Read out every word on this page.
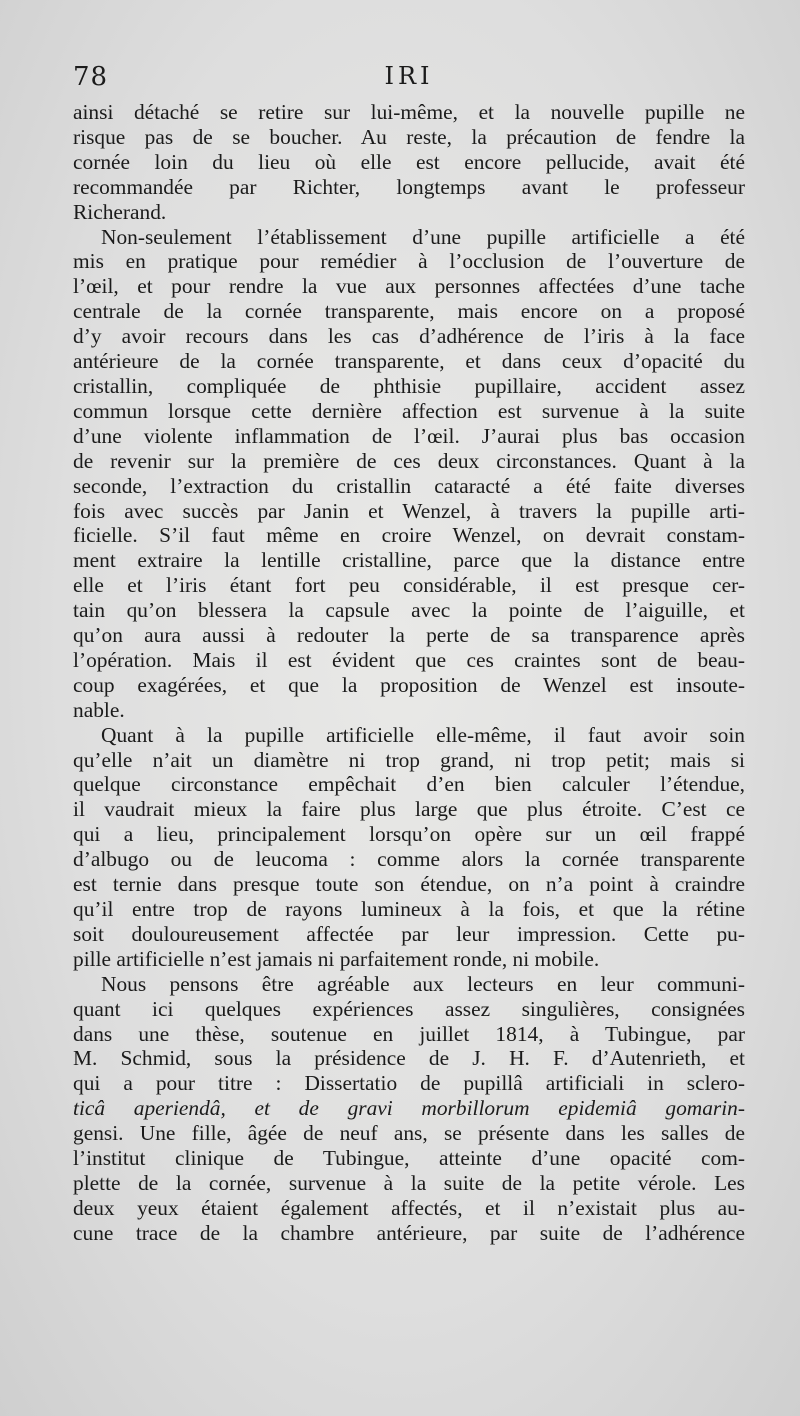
78	IRI
ainsi détaché se retire sur lui-même, et la nouvelle pupille ne
risque pas de se boucher. Au reste, la précaution de fendre la
cornée loin du lieu où elle est encore pellucide, avait été
recommandée par Richter, longtemps avant le professeur
Richerand.
Non-seulement l’établissement d’une pupille artificielle a été
mis en pratique pour remédier à l’occlusion de l’ouverture de
l’œil, et pour rendre la vue aux personnes affectées d’une tache
centrale de la cornée transparente, mais encore on a proposé
d’y avoir recours dans les cas d’adhérence de l’iris à la face
antérieure de la cornée transparente, et dans ceux d’opacité du
cristallin, compliquée de phthisie pupillaire, accident assez
commun lorsque cette dernière affection est survenue à la suite
d’une violente inflammation de l’œil. J’aurai plus bas occasion
de revenir sur la première de ces deux circonstances. Quant à la
seconde, l’extraction du cristallin cataracté a été faite diverses
fois avec succès par Janin et Wenzel, à travers la pupille arti-
ficielle. S’il faut même en croire Wenzel, on devrait constam-
ment extraire la lentille cristalline, parce que la distance entre
elle et l’iris étant fort peu considérable, il est presque cer-
tain qu’on blessera la capsule avec la pointe de l’aiguille, et
qu’on aura aussi à redouter la perte de sa transparence après
l’opération. Mais il est évident que ces craintes sont de beau-
coup exagérées, et que la proposition de Wenzel est insoute-
nable.
Quant à la pupille artificielle elle-même, il faut avoir soin
qu’elle n’ait un diamètre ni trop grand, ni trop petit; mais si
quelque circonstance empêchait d’en bien calculer l’étendue,
il vaudrait mieux la faire plus large que plus étroite. C’est ce
qui a lieu, principalement lorsqu’on opère sur un œil frappé
d’albugo ou de leucoma : comme alors la cornée transparente
est ternie dans presque toute son étendue, on n’a point à craindre
qu’il entre trop de rayons lumineux à la fois, et que la rétine
soit douloureusement affectée par leur impression. Cette pu-
pille artificielle n’est jamais ni parfaitement ronde, ni mobile.
Nous pensons être agréable aux lecteurs en leur communi-
quant ici quelques expériences assez singulières, consignées
dans une thèse, soutenue en juillet 1814, à Tubingue, par
M. Schmid, sous la présidence de J. H. F. d’Autenrieth, et
qui a pour titre : Dissertatio de pupillâ artificiali in sclero-
ticâ aperiendâ, et de gravi morbillorum epidemiâ gomarin-
gensi. Une fille, âgée de neuf ans, se présente dans les salles de
l’institut clinique de Tubingue, atteinte d’une opacité com-
plette de la cornée, survenue à la suite de la petite vérole. Les
deux yeux étaient également affectés, et il n’existait plus au-
cune trace de la chambre antérieure, par suite de l’adhérence
